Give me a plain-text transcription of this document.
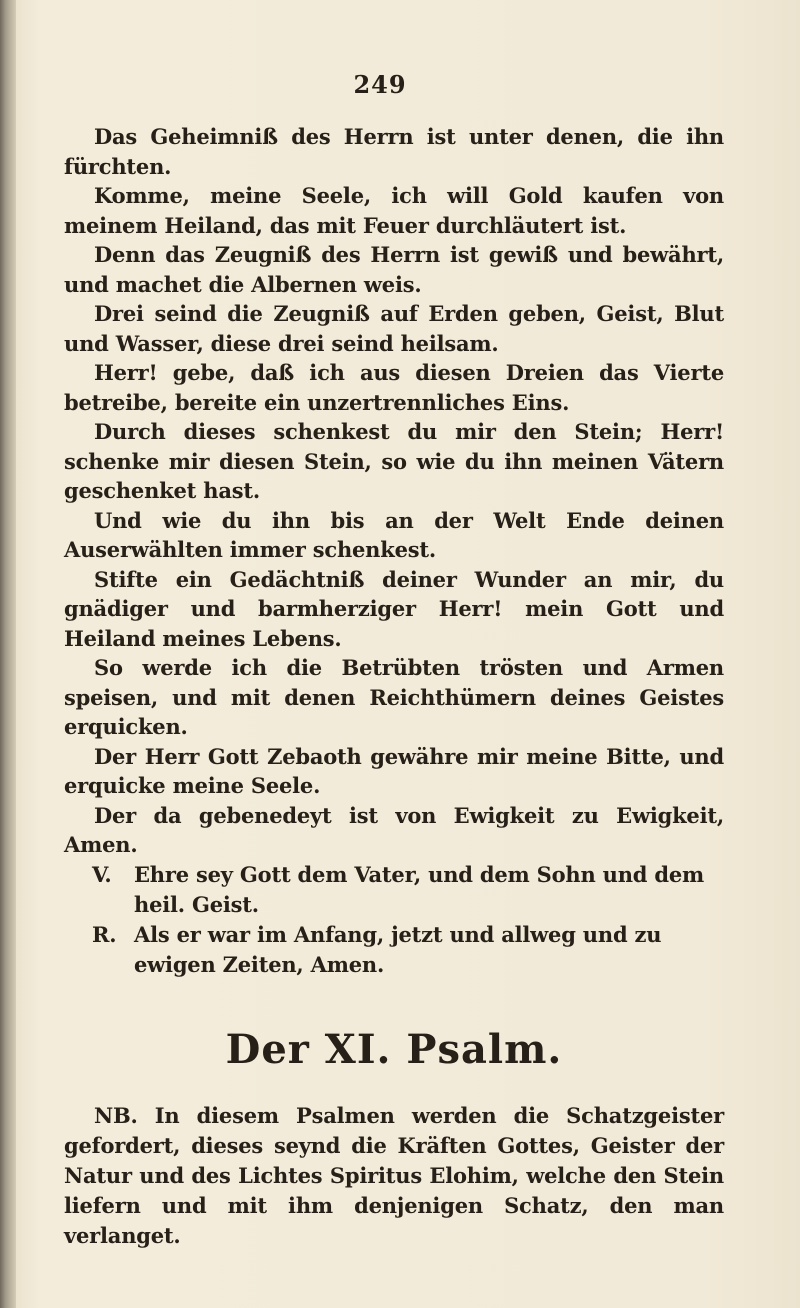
249

Das Geheimniß des Herrn ist unter denen, die ihn fürchten.

Komme, meine Seele, ich will Gold kaufen von meinem Heiland, das mit Feuer durchläutert ist.

Denn das Zeugniß des Herrn ist gewiß und bewährt, und machet die Albernen weis.

Drei seind die Zeugniß auf Erden geben, Geist, Blut und Wasser, diese drei seind heilsam.

Herr! gebe, daß ich aus diesen Dreien das Vierte betreibe, bereite ein unzertrennliches Eins.

Durch dieses schenkest du mir den Stein; Herr! schenke mir diesen Stein, so wie du ihn meinen Vätern geschenket hast.

Und wie du ihn bis an der Welt Ende deinen Auserwählten immer schenkest.

Stifte ein Gedächtniß deiner Wunder an mir, du gnädiger und barmherziger Herr! mein Gott und Heiland meines Lebens.

So werde ich die Betrübten trösten und Armen speisen, und mit denen Reichthümern deines Geistes erquicken.

Der Herr Gott Zebaoth gewähre mir meine Bitte, und erquicke meine Seele.

Der da gebenedeyt ist von Ewigkeit zu Ewigkeit, Amen.

V.	Ehre sey Gott dem Vater, und dem Sohn und dem heil. Geist.
R. Als er war im Anfang, jetzt und allweg und zu ewigen Zeiten, Amen.
Der XI. Psalm.

NB. In diesem Psalmen werden die Schatzgeister gefordert, dieses seynd die Kräften Gottes, Geister der Natur und des Lichtes Spiritus Elohim, welche den Stein liefern und mit ihm denjenigen Schatz, den man verlanget.
